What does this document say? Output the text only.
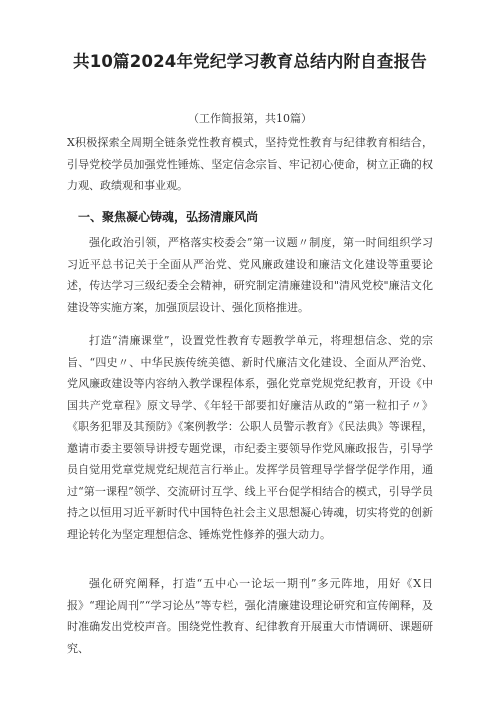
共10篇2024年党纪学习教育总结内附自查报告
（工作简报第，共10篇）

X积极探索全周期全链条党性教育模式，坚持党性教育与纪律教育相结合，引导党校学员加强党性锤炼、坚定信念宗旨、牢记初心使命，树立正确的权力观、政绩观和事业观。

一、聚焦凝心铸魂，弘扬清廉风尚

强化政治引领，严格落实校委会”第一议题〃制度，第一时间组织学习习近平总书记关于全面从严治党、党风廉政建设和廉洁文化建设等重要论述，传达学习三级纪委全会精神，研究制定清廉建设和"清风党校"廉洁文化建设等实施方案，加强顶层设计、强化顶格推进。

打造“清廉课堂”，设置党性教育专题教学单元，将理想信念、党的宗旨、“四史〃、中华民族传统美德、新时代廉洁文化建设、全面从严治党、党风廉政建设等内容纳入教学课程体系，强化党章党规党纪教育，开设《中国共产党章程》原文导学、《年轻干部要扣好廉洁从政的“第一粒扣子〃》《职务犯罪及其预防》《案例教学：公职人员警示教育》《民法典》等课程，邀请市委主要领导讲授专题党课，市纪委主要领导作党风廉政报告，引导学员自觉用党章党规党纪规范言行举止。发挥学员管理导学督学促学作用，通过“第一课程”领学、交流研讨互学、线上平台促学相结合的模式，引导学员持之以恒用习近平新时代中国特色社会主义思想凝心铸魂，切实将党的创新理论转化为坚定理想信念、锤炼党性修养的强大动力。

强化研究阐释，打造“五中心一论坛一期刊”多元阵地，用好《X日报》“理论周刊”“学习论丛”等专栏，强化清廉建设理论研究和宣传阐释，及时准确发出党校声音。围绕党性教育、纪律教育开展重大市情调研、课题研究、
